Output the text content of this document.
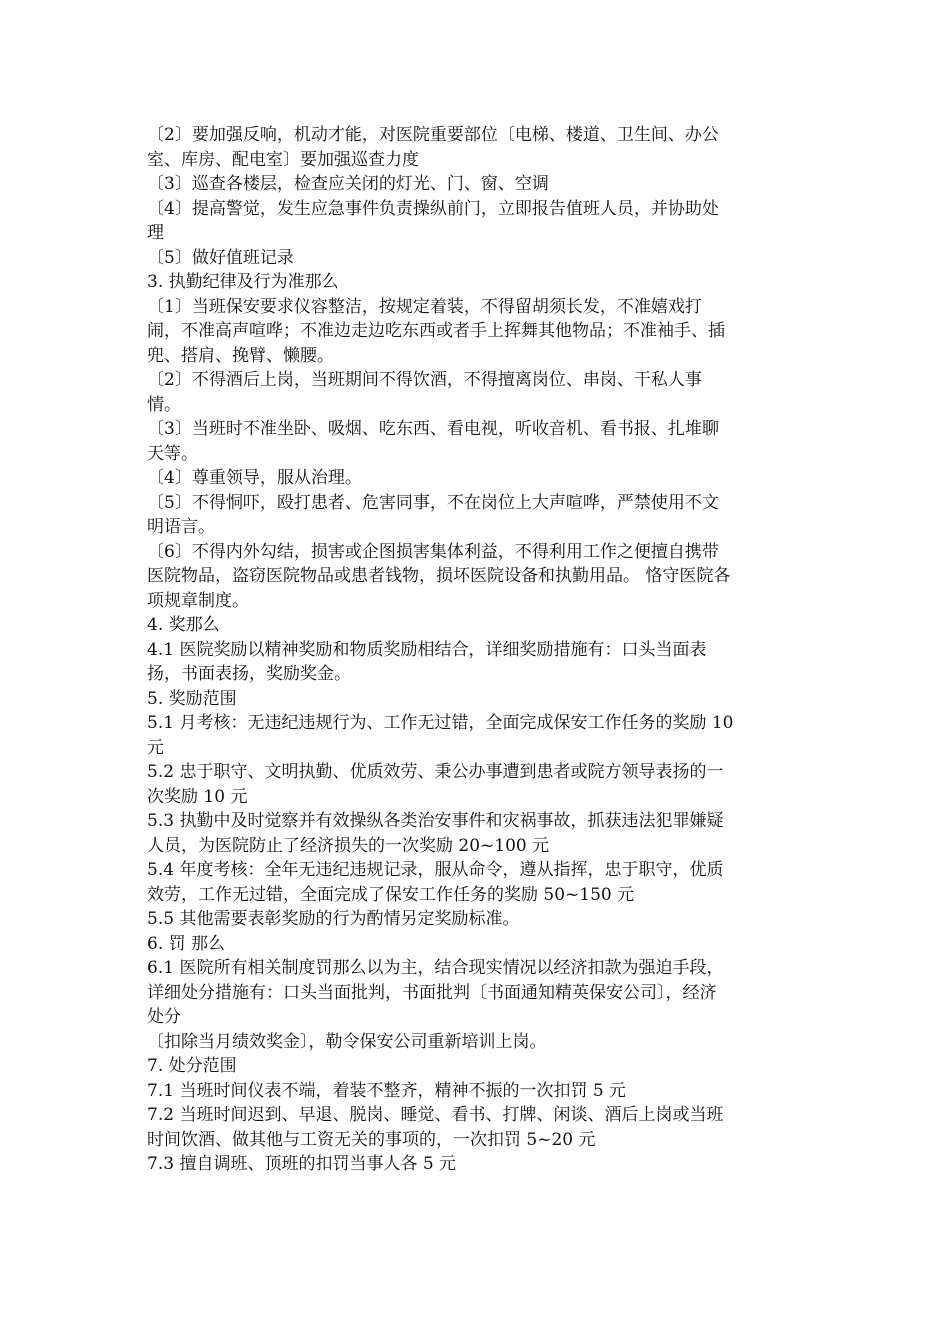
〔2〕要加强反响，机动才能，对医院重要部位〔电梯、楼道、卫生间、办公
室、库房、配电室〕要加强巡查力度
〔3〕巡查各楼层，检查应关闭的灯光、门、窗、空调
〔4〕提高警觉，发生应急事件负责操纵前门，立即报告值班人员，并协助处
理
〔5〕做好值班记录
3. 执勤纪律及行为准那么
〔1〕当班保安要求仪容整洁，按规定着装，不得留胡须长发，不准嬉戏打
闹，不准高声喧哗；不准边走边吃东西或者手上挥舞其他物品；不准袖手、插
兜、搭肩、挽臂、懒腰。
〔2〕不得酒后上岗，当班期间不得饮酒，不得擅离岗位、串岗、干私人事
情。
〔3〕当班时不准坐卧、吸烟、吃东西、看电视，听收音机、看书报、扎堆聊
天等。
〔4〕尊重领导，服从治理。
〔5〕不得恫吓，殴打患者、危害同事，不在岗位上大声喧哗，严禁使用不文
明语言。
〔6〕不得内外勾结，损害或企图损害集体利益，不得利用工作之便擅自携带
医院物品，盗窃医院物品或患者钱物，损坏医院设备和执勤用品。 恪守医院各
项规章制度。
4. 奖那么
4.1 医院奖励以精神奖励和物质奖励相结合，详细奖励措施有：口头当面表
扬，书面表扬，奖励奖金。
5. 奖励范围
5.1 月考核：无违纪违规行为、工作无过错，全面完成保安工作任务的奖励 10
元
5.2 忠于职守、文明执勤、优质效劳、秉公办事遭到患者或院方领导表扬的一
次奖励 10 元
5.3 执勤中及时觉察并有效操纵各类治安事件和灾祸事故，抓获违法犯罪嫌疑
人员，为医院防止了经济损失的一次奖励 20~100 元
5.4 年度考核：全年无违纪违规记录，服从命令，遵从指挥，忠于职守，优质
效劳，工作无过错，全面完成了保安工作任务的奖励 50~150 元
5.5 其他需要表彰奖励的行为酌情另定奖励标准。
6. 罚 那么
6.1 医院所有相关制度罚那么以为主，结合现实情况以经济扣款为强迫手段，
详细处分措施有：口头当面批判，书面批判〔书面通知精英保安公司〕，经济
处分
〔扣除当月绩效奖金〕，勒令保安公司重新培训上岗。
7. 处分范围
7.1 当班时间仪表不端，着装不整齐，精神不振的一次扣罚 5 元
7.2 当班时间迟到、早退、脱岗、睡觉、看书、打牌、闲谈、酒后上岗或当班
时间饮酒、做其他与工资无关的事项的，一次扣罚 5~20 元
7.3 擅自调班、顶班的扣罚当事人各 5 元
